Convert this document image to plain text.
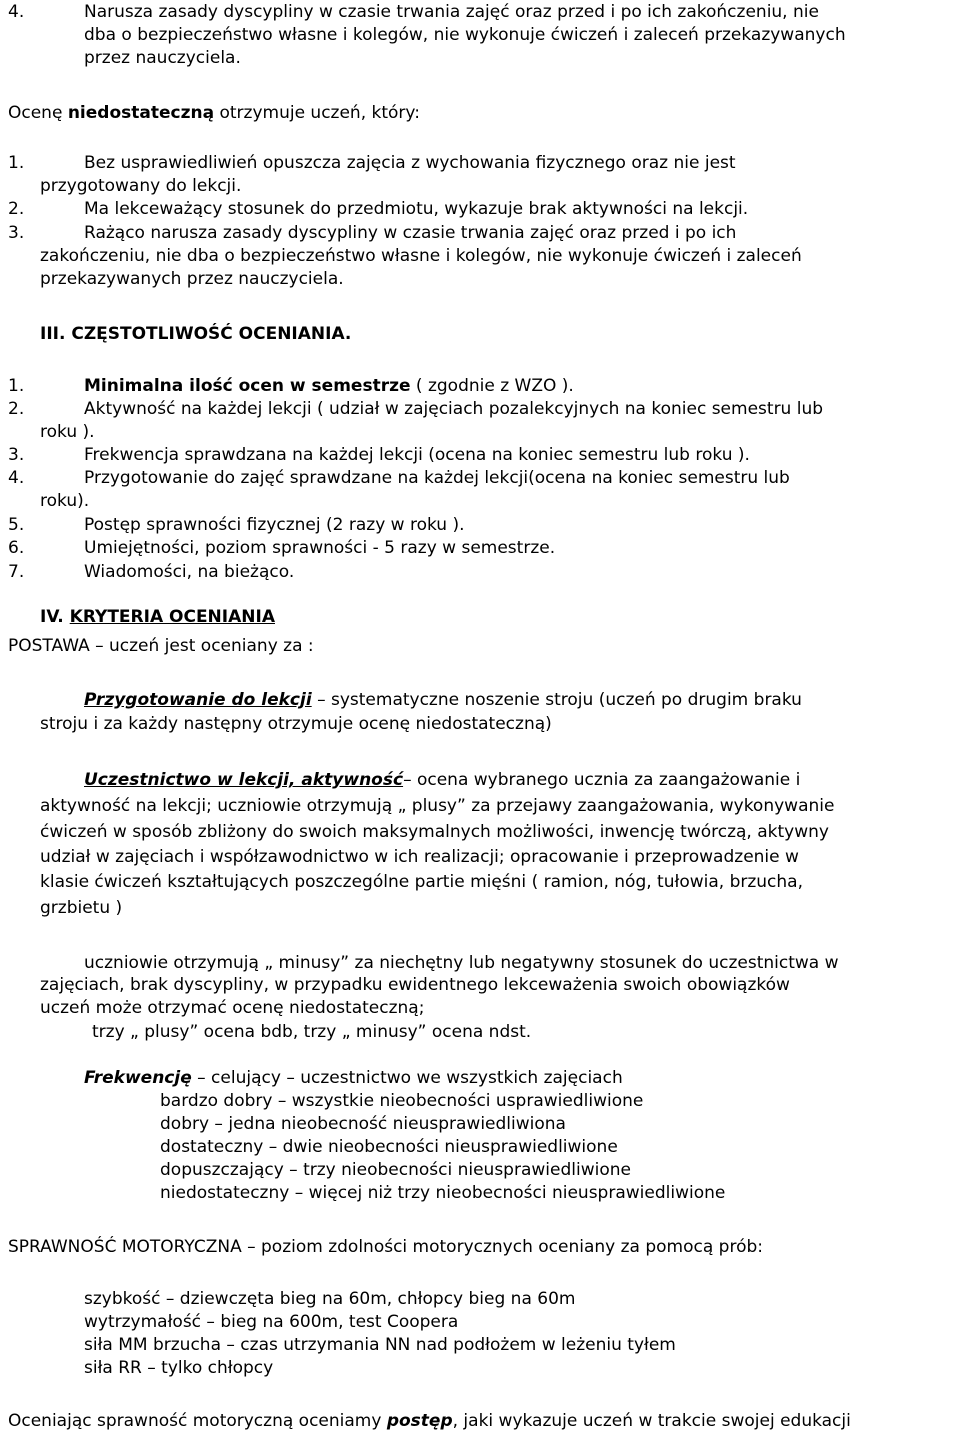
4.	Narusza zasady dyscypliny w czasie trwania zajęć oraz przed i po ich zakończeniu, nie
dba o bezpieczeństwo własne i kolegów, nie wykonuje ćwiczeń i zaleceń przekazywanych
przez nauczyciela.
Ocenę niedostateczną otrzymuje uczeń, który:
1.	Bez usprawiedliwień opuszcza zajęcia z wychowania fizycznego oraz nie jest
przygotowany do lekcji.
2.	Ma lekceważący stosunek do przedmiotu, wykazuje brak aktywności na lekcji.
3.	Rażąco narusza zasady dyscypliny w czasie trwania zajęć oraz przed i po ich
zakończeniu, nie dba o bezpieczeństwo własne i kolegów, nie wykonuje ćwiczeń i zaleceń
przekazywanych przez nauczyciela.
III. CZĘSTOTLIWOŚĆ OCENIANIA.
1.	Minimalna ilość ocen w semestrze ( zgodnie z WZO ).
2.	Aktywność na każdej lekcji ( udział w zajęciach pozalekcyjnych na koniec semestru lub
roku ).
3.	Frekwencja sprawdzana na każdej lekcji (ocena na koniec semestru lub roku ).
4.	Przygotowanie do zajęć sprawdzane na każdej lekcji(ocena na koniec semestru lub
roku).
5.	Postęp sprawności fizycznej (2 razy w roku ).
6.	Umiejętności, poziom sprawności - 5 razy w semestrze.
7.	Wiadomości, na bieżąco.
IV. KRYTERIA OCENIANIA
POSTAWA – uczeń jest oceniany za :
Przygotowanie do lekcji – systematyczne noszenie stroju (uczeń po drugim braku
stroju i za każdy następny otrzymuje ocenę niedostateczną)
Uczestnictwo w lekcji, aktywność– ocena wybranego ucznia za zaangażowanie i
aktywność na lekcji; uczniowie otrzymują „ plusy” za przejawy zaangażowania, wykonywanie
ćwiczeń w sposób zbliżony do swoich maksymalnych możliwości, inwencję twórczą, aktywny
udział w zajęciach i współzawodnictwo w ich realizacji; opracowanie i przeprowadzenie w
klasie ćwiczeń kształtujących poszczególne partie mięśni ( ramion, nóg, tułowia, brzucha,
grzbietu )
uczniowie otrzymują „ minusy” za niechętny lub negatywny stosunek do uczestnictwa w
zajęciach, brak dyscypliny, w przypadku ewidentnego lekceważenia swoich obowiązków
uczeń może otrzymać ocenę niedostateczną;
trzy „ plusy” ocena bdb, trzy „ minusy” ocena ndst.
Frekwencję – celujący – uczestnictwo we wszystkich zajęciach
bardzo dobry – wszystkie nieobecności usprawiedliwione
dobry – jedna nieobecność nieusprawiedliwiona
dostateczny – dwie nieobecności nieusprawiedliwione
dopuszczający – trzy nieobecności nieusprawiedliwione
niedostateczny – więcej niż trzy nieobecności nieusprawiedliwione
SPRAWNOŚĆ MOTORYCZNA – poziom zdolności motorycznych oceniany za pomocą prób:
szybkość – dziewczęta bieg na 60m, chłopcy bieg na 60m
wytrzymałość – bieg na 600m, test Coopera
siła MM brzucha – czas utrzymania NN nad podłożem w leżeniu tyłem
siła RR – tylko chłopcy
Oceniając sprawność motoryczną oceniamy postęp, jaki wykazuje uczeń w trakcie swojej edukacji
